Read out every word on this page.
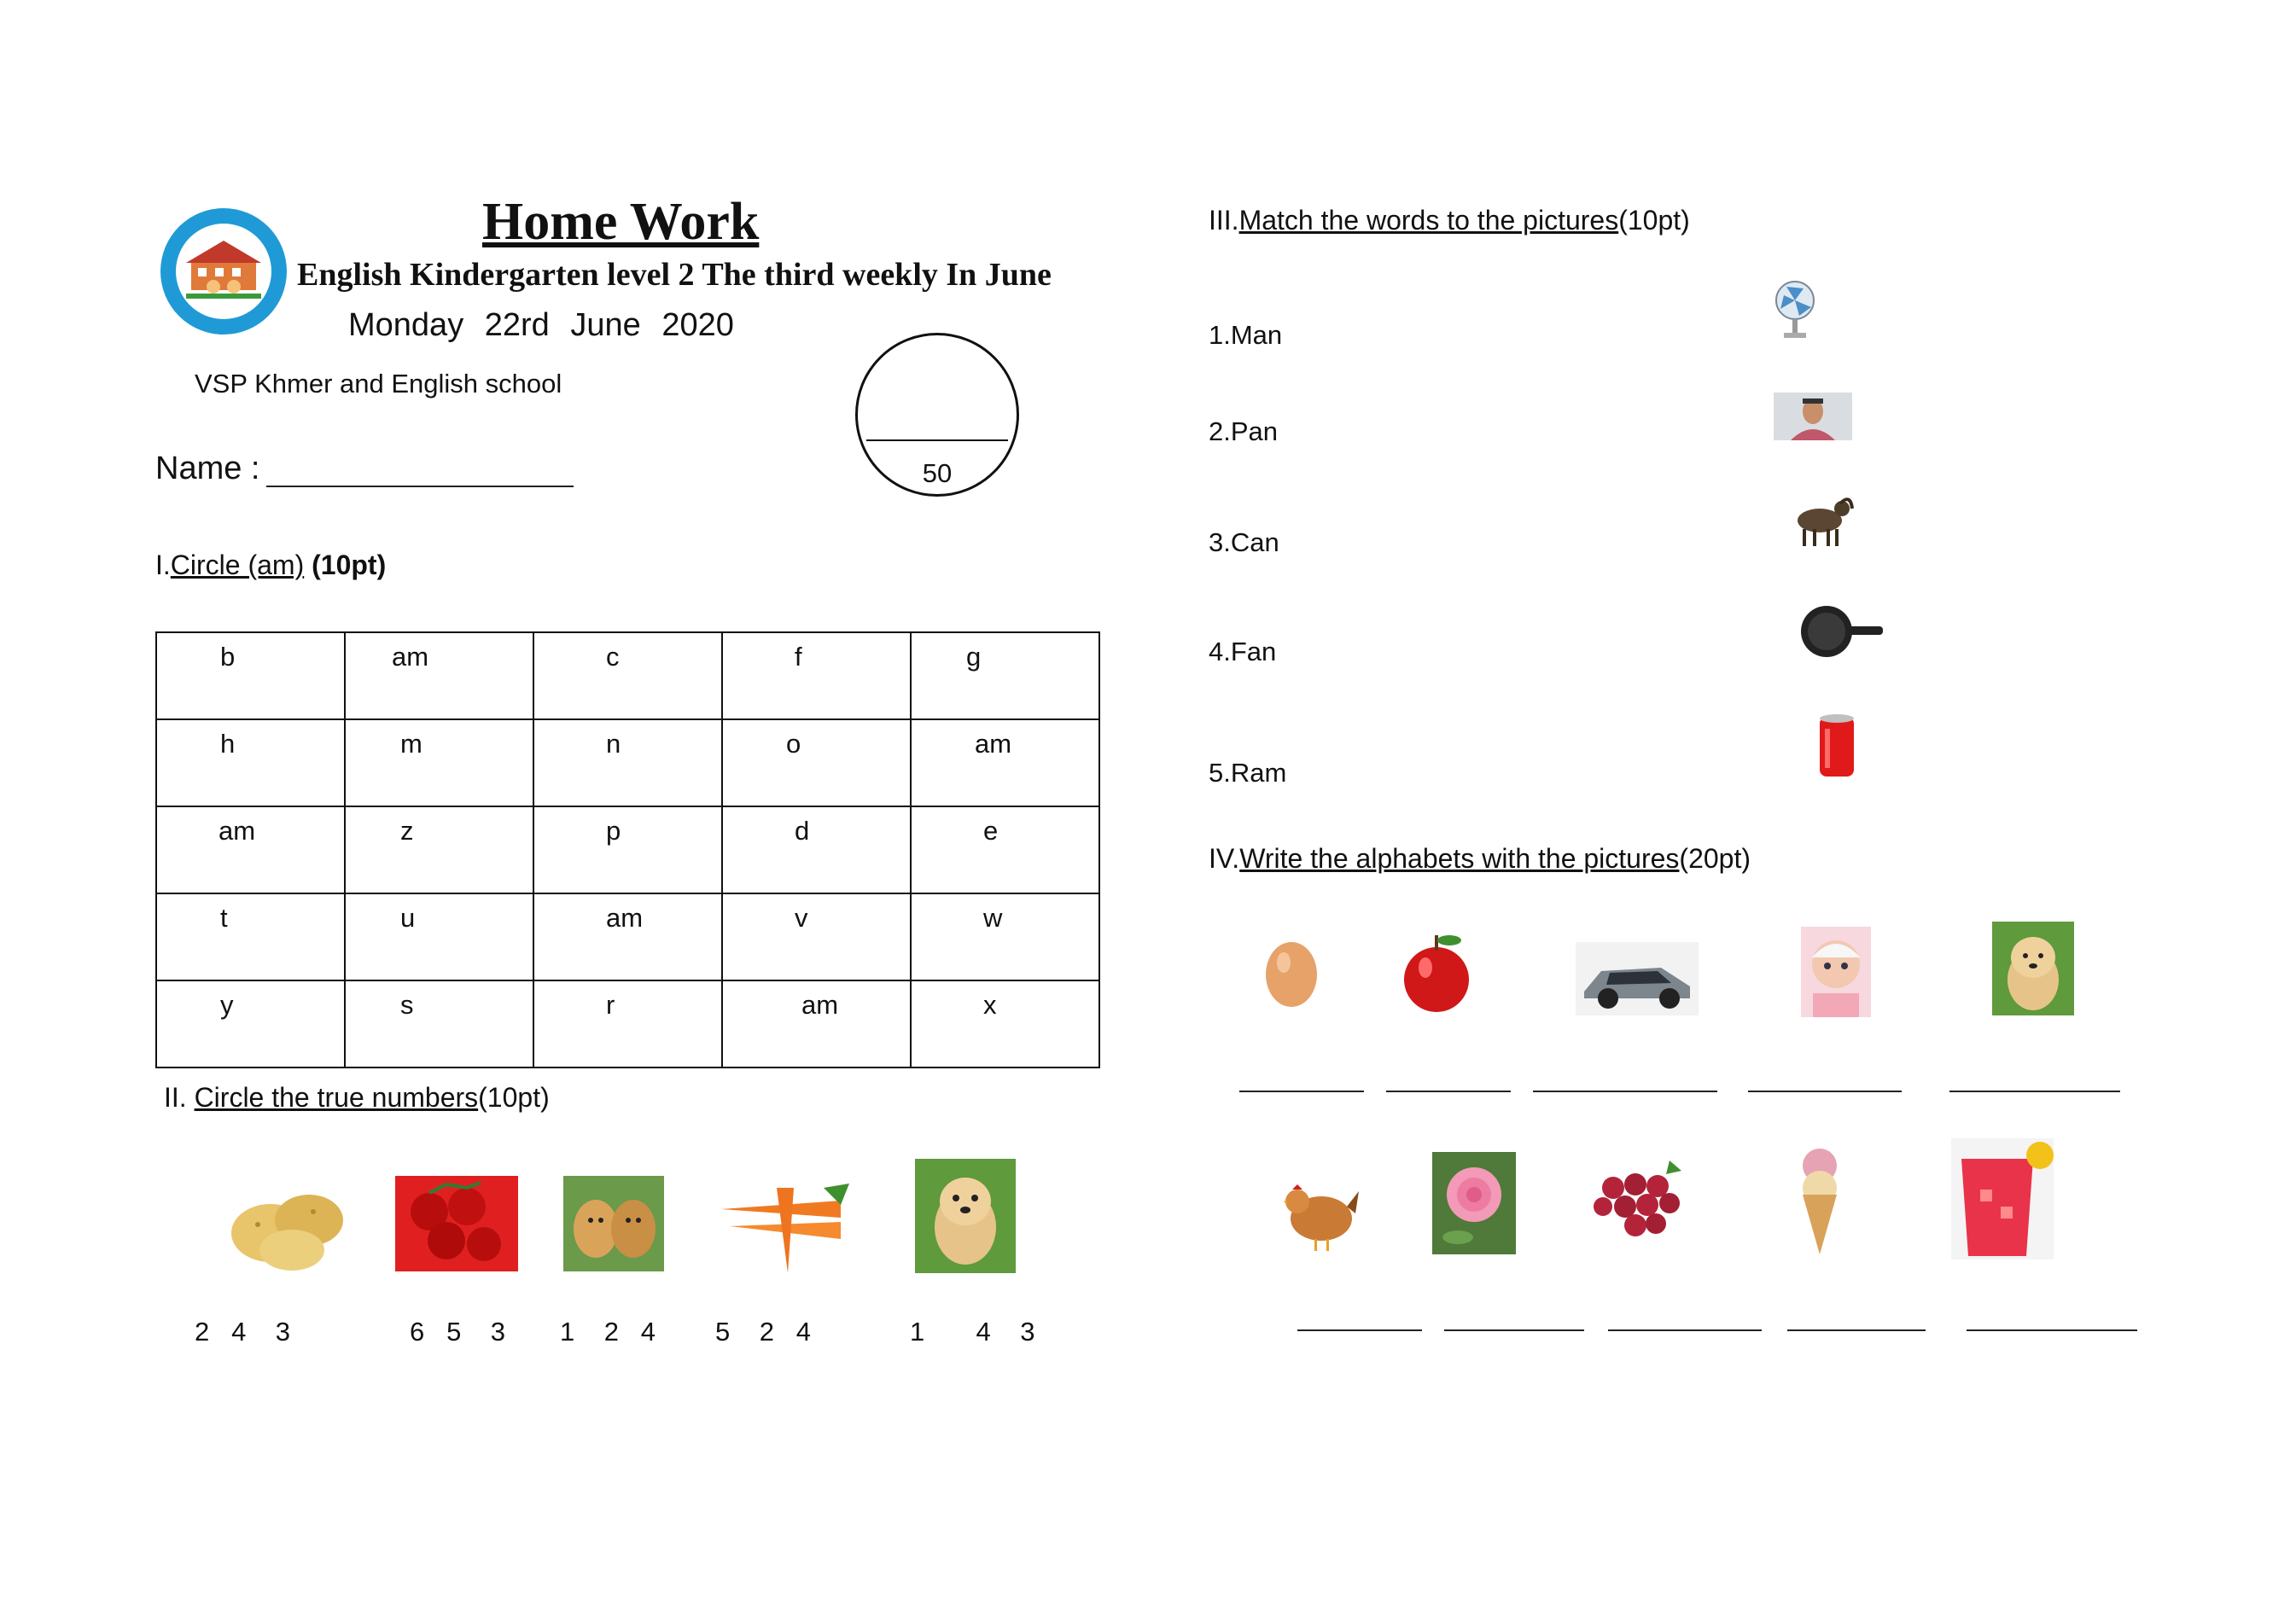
Home Work
English Kindergarten level 2 The third weekly In June
Monday 22rd June 2020
VSP Khmer and English school
Name :	50
I.Circle (am) (10pt)
b	am	c	f	g

h	m	n	o	am

am	z	p	d	e

t	u	am	v	w

y	s	r	am	x
II. Circle the true numbers(10pt)
2   4    3	6   5    3 1    2   4 5    2   4	1       4    3
III.Match the words to the pictures(10pt)
1.Man
2.Pan
3.Can
4.Fan
5.Ram
IV.Write the alphabets with the pictures(20pt)
